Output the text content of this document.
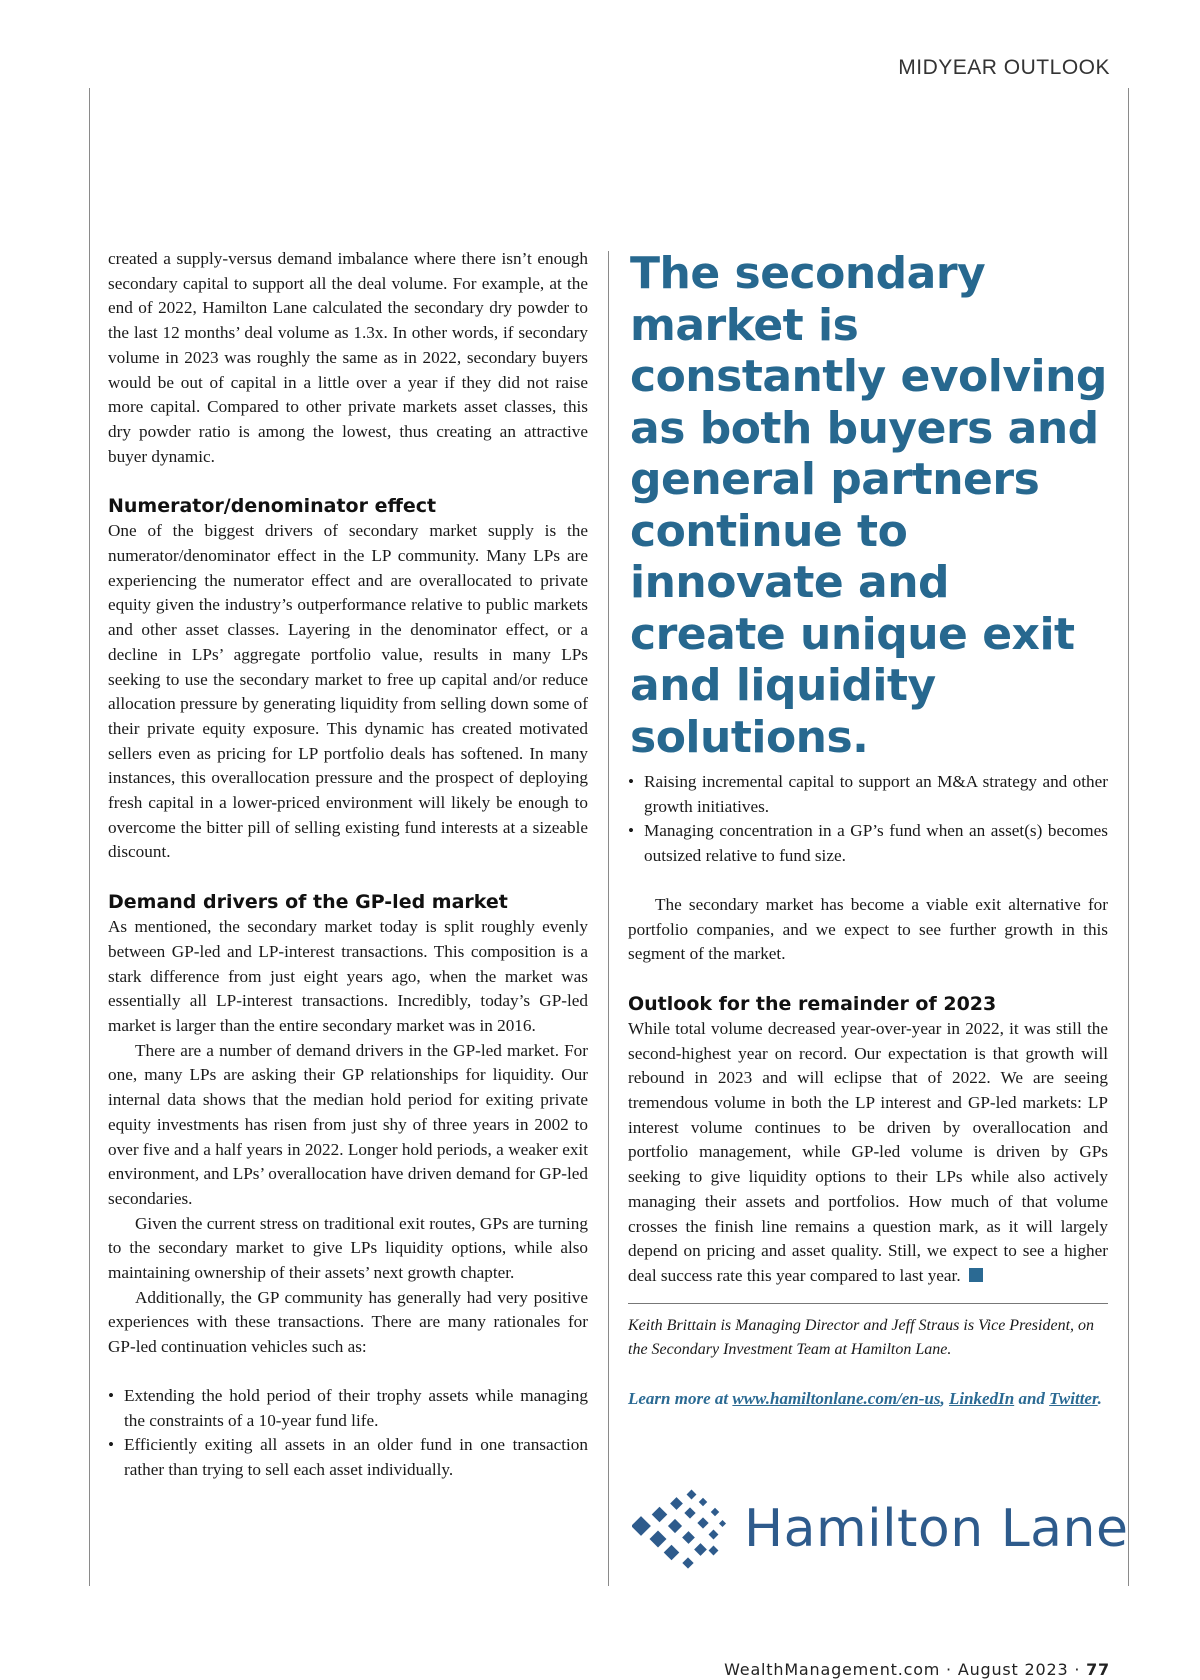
MIDYEAR OUTLOOK

created a supply-versus demand imbalance where there isn’t enough secondary capital to support all the deal volume. For example, at the end of 2022, Hamilton Lane calculated the secondary dry powder to the last 12 months’ deal volume as 1.3x. In other words, if secondary volume in 2023 was roughly the same as in 2022, secondary buyers would be out of capital in a little over a year if they did not raise more capital. Compared to other private markets asset classes, this dry powder ratio is among the lowest, thus creating an attractive buyer dynamic.

Numerator/denominator effect

One of the biggest drivers of secondary market supply is the numerator/denominator effect in the LP community. Many LPs are experiencing the numerator effect and are overallocated to private equity given the industry’s outperformance relative to public markets and other asset classes. Layering in the denominator effect, or a decline in LPs’ aggregate portfolio value, results in many LPs seeking to use the secondary market to free up capital and/or reduce allocation pressure by generating liquidity from selling down some of their private equity exposure. This dynamic has created motivated sellers even as pricing for LP portfolio deals has softened. In many instances, this overallocation pressure and the prospect of deploying fresh capital in a lower-priced environment will likely be enough to overcome the bitter pill of selling existing fund interests at a sizeable discount.

Demand drivers of the GP-led market

As mentioned, the secondary market today is split roughly evenly between GP-led and LP-interest transactions. This composition is a stark difference from just eight years ago, when the market was essentially all LP-interest transactions. Incredibly, today’s GP-led market is larger than the entire secondary market was in 2016.

There are a number of demand drivers in the GP-led market. For one, many LPs are asking their GP relationships for liquidity. Our internal data shows that the median hold period for exiting private equity investments has risen from just shy of three years in 2002 to over five and a half years in 2022. Longer hold periods, a weaker exit environment, and LPs’ overallocation have driven demand for GP-led secondaries.

Given the current stress on traditional exit routes, GPs are turning to the secondary market to give LPs liquidity options, while also maintaining ownership of their assets’ next growth chapter.

Additionally, the GP community has generally had very positive experiences with these transactions. There are many rationales for GP-led continuation vehicles such as:

• Extending the hold period of their trophy assets while managing the constraints of a 10-year fund life.
• Efficiently exiting all assets in an older fund in one transaction rather than trying to sell each asset individually.
The secondary market is constantly evolving as both buyers and general partners continue to innovate and create unique exit and liquidity solutions.
• Raising incremental capital to support an M&A strategy and other growth initiatives.
• Managing concentration in a GP’s fund when an asset(s) becomes outsized relative to fund size.

The secondary market has become a viable exit alternative for portfolio companies, and we expect to see further growth in this segment of the market.

Outlook for the remainder of 2023

While total volume decreased year-over-year in 2022, it was still the second-highest year on record. Our expectation is that growth will rebound in 2023 and will eclipse that of 2022. We are seeing tremendous volume in both the LP interest and GP-led markets: LP interest volume continues to be driven by overallocation and portfolio management, while GP-led volume is driven by GPs seeking to give liquidity options to their LPs while also actively managing their assets and portfolios. How much of that volume crosses the finish line remains a question mark, as it will largely depend on pricing and asset quality. Still, we expect to see a higher deal success rate this year compared to last year.

Keith Brittain is Managing Director and Jeff Straus is Vice President, on the Secondary Investment Team at Hamilton Lane.

Learn more at www.hamiltonlane.com/en-us, LinkedIn and Twitter.

Hamilton Lane
WealthManagement.com · August 2023 · 77
